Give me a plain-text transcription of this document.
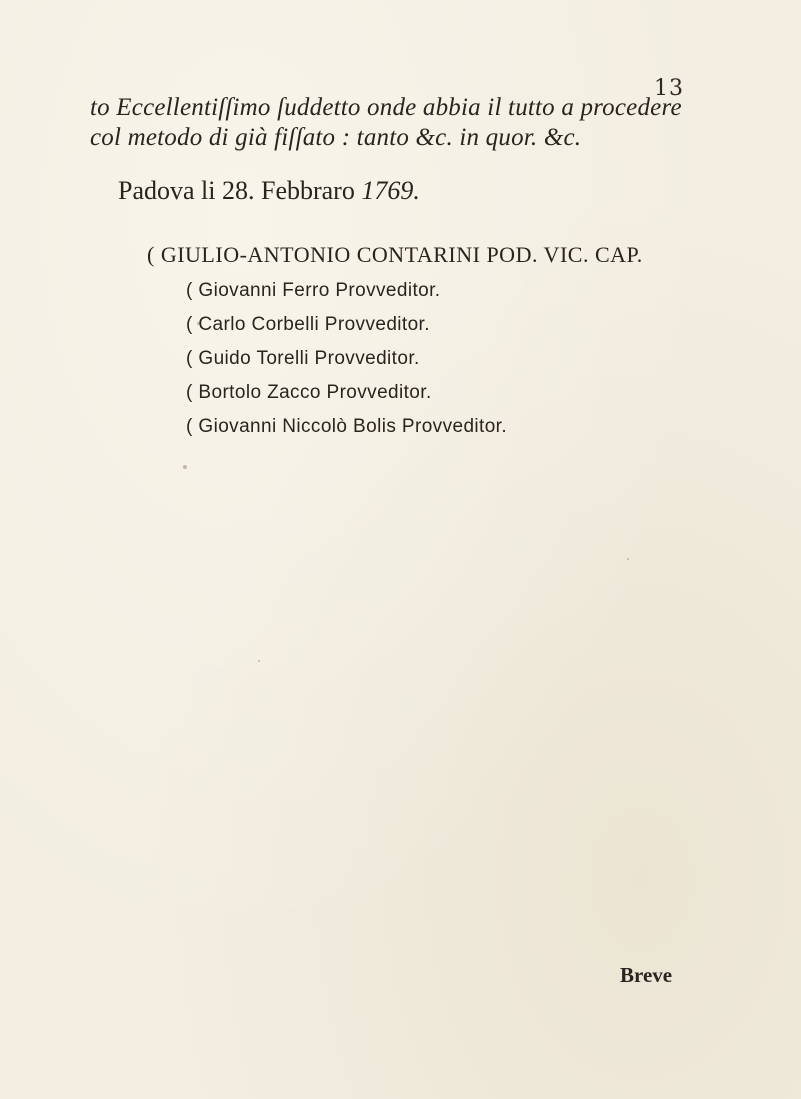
13
to Eccellentiſſimo ſuddetto onde abbia il tutto a procedere
col metodo di già fiſſato : tanto &c. in quor. &c.
Padova li 28. Febbraro 1769.
( GIULIO-ANTONIO CONTARINI POD. VIC. CAP.
( Giovanni Ferro Provveditor.
( Carlo Corbelli Provveditor.
( Guido Torelli Provveditor.
( Bortolo Zacco Provveditor.
( Giovanni Niccolò Bolis Provveditor.
Breve
